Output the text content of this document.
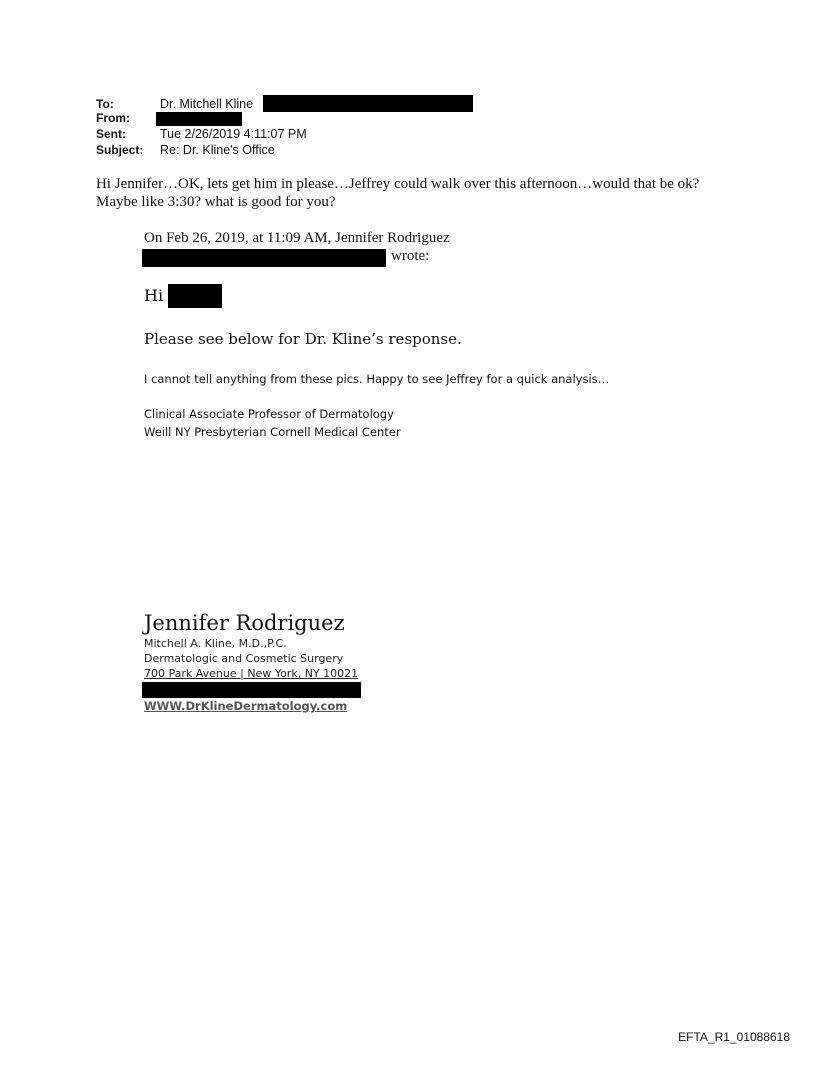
To:	Dr. Mitchell Kline
From:
Sent:	Tue 2/26/2019 4:11:07 PM
Subject: Re: Dr. Kline's Office
Hi Jennifer…OK, lets get him in please…Jeffrey could walk over this afternoon…would that be ok? Maybe like 3:30? what is good for you?
On Feb 26, 2019, at 11:09 AM, Jennifer Rodriguez
wrote:
Hi
Please see below for Dr. Kline’s response.
I cannot tell anything from these pics. Happy to see Jeffrey for a quick analysis…
Clinical Associate Professor of Dermatology
Weill NY Presbyterian Cornell Medical Center
Jennifer Rodriguez
Mitchell A. Kline, M.D.,P.C.
Dermatologic and Cosmetic Surgery
700 Park Avenue | New York, NY 10021
WWW.DrKlineDermatology.com
EFTA_R1_01088618
